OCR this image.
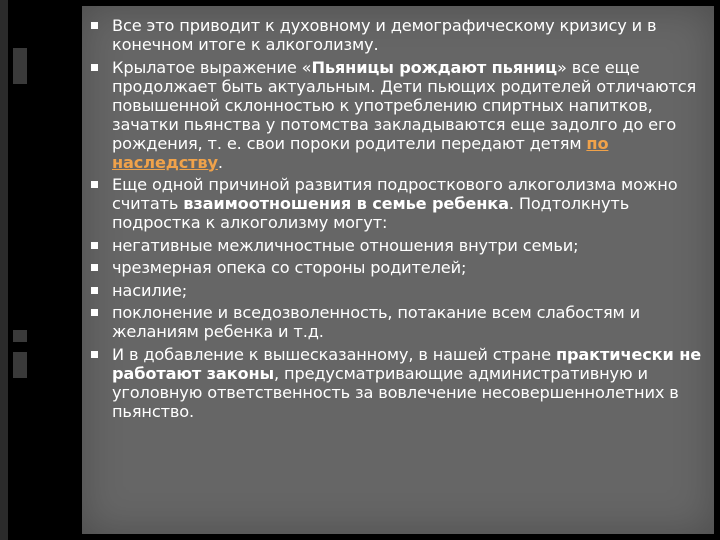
Все это приводит к духовному и демографическому кризису и в конечном итоге к алкоголизму.
Крылатое выражение «Пьяницы рождают пьяниц» все еще продолжает быть актуальным. Дети пьющих родителей отличаются повышенной склонностью к употреблению спиртных напитков, зачатки пьянства у потомства закладываются еще задолго до его рождения, т. е. свои пороки родители передают детям по наследству.
Еще одной причиной развития подросткового алкоголизма можно считать взаимоотношения в семье ребенка. Подтолкнуть подростка к алкоголизму могут:
негативные межличностные отношения внутри семьи;
чрезмерная опека со стороны родителей;
насилие;
поклонение и вседозволенность, потакание всем слабостям и желаниям ребенка и т.д.
И в добавление к вышесказанному, в нашей стране практически не работают законы, предусматривающие административную и уголовную ответственность за вовлечение несовершеннолетних в пьянство.
